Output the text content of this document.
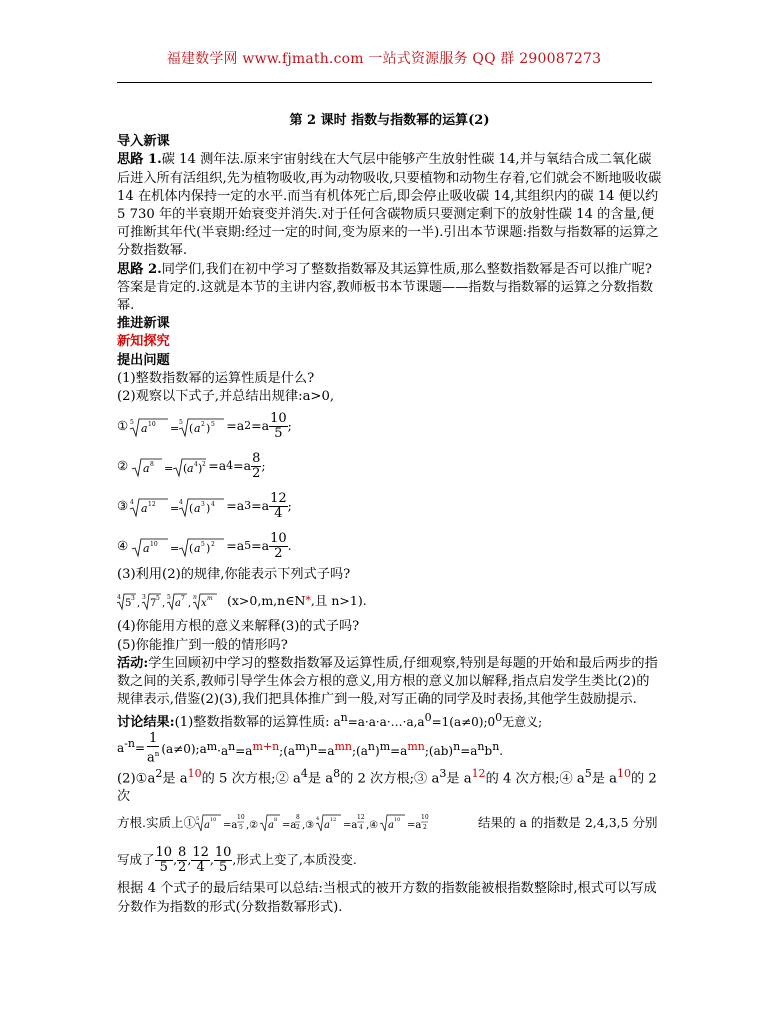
福建数学网 www.fjmath.com 一站式资源服务 QQ 群 290087273
第 2 课时 指数与指数幂的运算(2)

导入新课

思路 1.碳 14 测年法.原来宇宙射线在大气层中能够产生放射性碳 14,并与氧结合成二氧化碳后进入所有活组织,先为植物吸收,再为动物吸收,只要植物和动物生存着,它们就会不断地吸收碳 14 在机体内保持一定的水平.而当有机体死亡后,即会停止吸收碳 14,其组织内的碳 14 便以约 5 730 年的半衰期开始衰变并消失.对于任何含碳物质只要测定剩下的放射性碳 14 的含量,便可推断其年代(半衰期:经过一定的时间,变为原来的一半).引出本节课题:指数与指数幂的运算之分数指数幂.

思路 2.同学们,我们在初中学习了整数指数幂及其运算性质,那么整数指数幂是否可以推广呢?答案是肯定的.这就是本节的主讲内容,教师板书本节课题——指数与指数幂的运算之分数指数幂.

推进新课

新知探究

提出问题

(1)整数指数幂的运算性质是什么?

(2)观察以下式子,并总结出规律:a>0,

① 5 a 10 = 5 ( a 2 ) 5 =a $2 =a \frac{10}{5}$ ;
② a 8 = ( a 4 ) 2 =a $4 =a \frac{8}{2}$ ;
③ 4 a 12 = 4 ( a 3 ) 4 =a $3 =a \frac{12}{4}$ ;
④ a 10 = ( a 5 ) 2 =a $5 =a \frac{10}{2}$ .

(3)利用(2)的规律,你能表示下列式子吗?

4
5 3 ,
3
7 5 ,
5
a 7 ,
n
x m (x>0,m,n∈N * ,且 n>1).

(4)你能用方根的意义来解释(3)的式子吗?

(5)你能推广到一般的情形吗?

活动:学生回顾初中学习的整数指数幂及运算性质,仔细观察,特别是每题的开始和最后两步的指数之间的关系,教师引导学生体会方根的意义,用方根的意义加以解释,指点启发学生类比(2)的规律表示,借鉴(2)(3),我们把具体推广到一般,对写正确的同学及时表扬,其他学生鼓励提示.

讨论结果:(1)整数指数幂的运算性质: $a^n=a\cdot a\cdot a\cdot\dots\cdot a,a^0=1(a\ne 0);0^0$无意义;

$a^{-n}= \frac{1}{a^n}$ (a≠0);a $^m\cdot a^n=a^{m+n};(a^m)^n=a^{mn};(a^n)^m=a^{mn};(ab)^n=a^nb^n$.

$(2)①a^2$是 $a^{10}$的 5 次方根;② $a^4$是 $a^8$的 2 次方根;③ $a^3$是 $a^{12}$的 4 次方根;④ $a^5$是 $a^{10}$的 2 次

方根.实质上① 5
a 10 =a
10
5 ,② a 8 =a
8
2 ,③
4
a 12 =a
12
4 ,④ a 10 =a
10
2	结果的 a 的指数是 2,4,3,5 分别
写成了 $\frac{10}{5}$ , $\frac{8}{2}$ , $\frac{12}{4}$ , $\frac{10}{5}$ ,形式上变了,本质没变.

根据 4 个式子的最后结果可以总结:当根式的被开方数的指数能被根指数整除时,根式可以写成分数作为指数的形式(分数指数幂形式).
